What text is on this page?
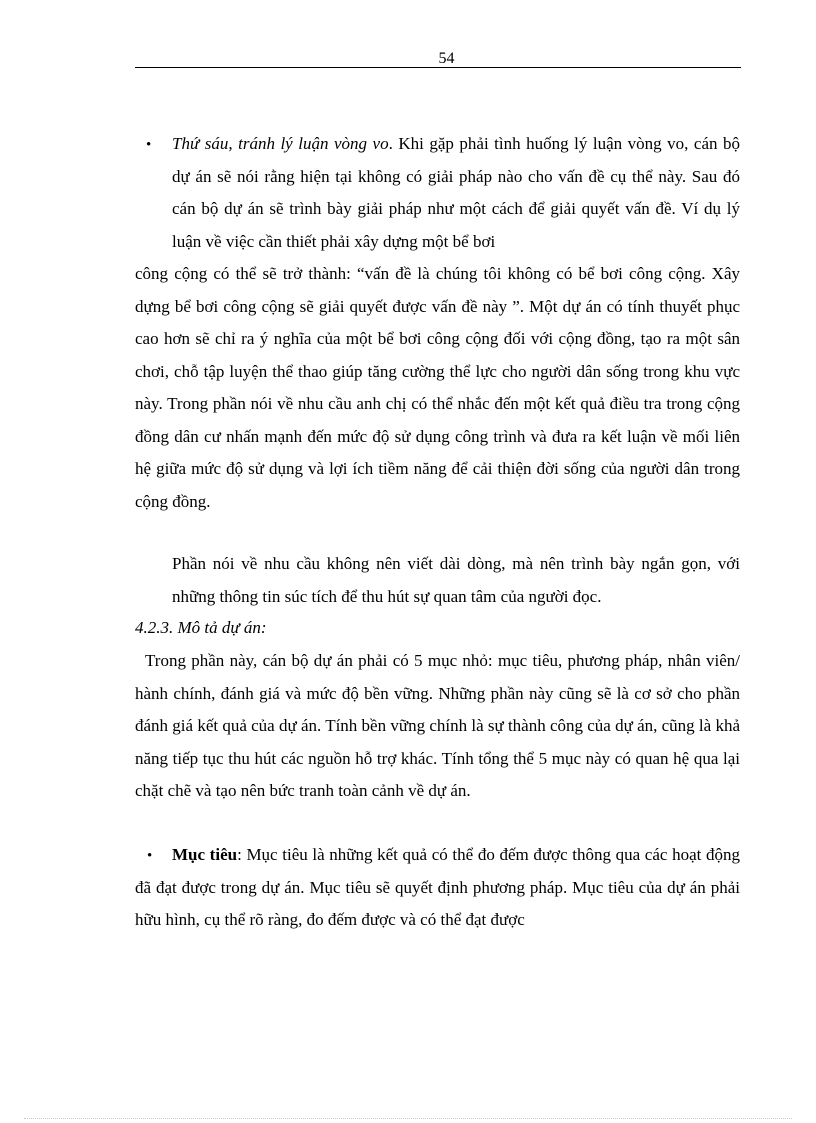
54
• Thứ sáu, tránh lý luận vòng vo. Khi gặp phải tình huống lý luận vòng vo, cán bộ dự án sẽ nói rằng hiện tại không có giải pháp nào cho vấn đề cụ thể này. Sau đó cán bộ dự án sẽ trình bày giải pháp như một cách để giải quyết vấn đề. Ví dụ lý luận về việc cần thiết phải xây dựng một bể bơi

công cộng có thể sẽ trở thành: “vấn đề là chúng tôi không có bể bơi công cộng. Xây dựng bể bơi công cộng sẽ giải quyết được vấn đề này ”. Một dự án có tính thuyết phục cao hơn sẽ chỉ ra ý nghĩa của một bể bơi công cộng đối với cộng đồng, tạo ra một sân chơi, chỗ tập luyện thể thao giúp tăng cường thể lực cho người dân sống trong khu vực này. Trong phần nói về nhu cầu anh chị có thể nhắc đến một kết quả điều tra trong cộng đồng dân cư nhấn mạnh đến mức độ sử dụng công trình và đưa ra kết luận về mối liên hệ giữa mức độ sử dụng và lợi ích tiềm năng để cải thiện đời sống của người dân trong cộng đồng.

Phần nói về nhu cầu không nên viết dài dòng, mà nên trình bày ngắn gọn, với những thông tin súc tích để thu hút sự quan tâm của người đọc.

4.2.3. Mô tả dự án:

Trong phần này, cán bộ dự án phải có 5 mục nhỏ: mục tiêu, phương pháp, nhân viên/ hành chính, đánh giá và mức độ bền vững. Những phần này cũng sẽ là cơ sở cho phần đánh giá kết quả của dự án. Tính bền vững chính là sự thành công của dự án, cũng là khả năng tiếp tục thu hút các nguồn hỗ trợ khác. Tính tổng thể 5 mục này có quan hệ qua lại chặt chẽ và tạo nên bức tranh toàn cảnh về dự án.

•	Mục tiêu: Mục tiêu là những kết quả có thể đo đếm được thông qua các hoạt động đã đạt được trong dự án. Mục tiêu sẽ quyết định phương pháp. Mục tiêu của dự án phải hữu hình, cụ thể rõ ràng, đo đếm được và có thể đạt được
